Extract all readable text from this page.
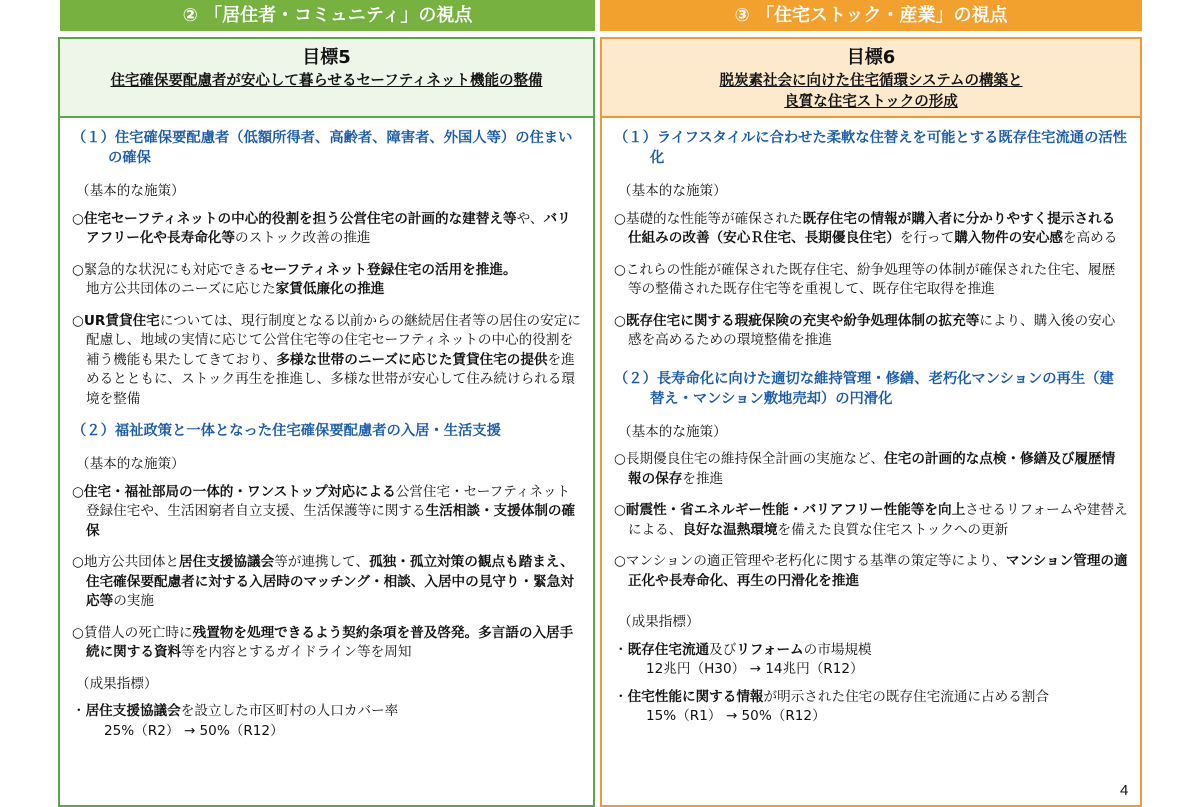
② 「居住者・コミュニティ」の視点	③ 「住宅ストック・産業」の視点
目標5
住宅確保要配慮者が安心して暮らせるセーフティネット機能の整備
（１）住宅確保要配慮者（低額所得者、高齢者、障害者、外国人等）の住まいの確保
（基本的な施策）
○住宅セーフティネットの中心的役割を担う公営住宅の計画的な建替え等や、バリアフリー化や長寿命化等のストック改善の推進
○緊急的な状況にも対応できるセーフティネット登録住宅の活用を推進。
地方公共団体のニーズに応じた家賃低廉化の推進
○UR賃貸住宅については、現行制度となる以前からの継続居住者等の居住の安定に配慮し、地域の実情に応じて公営住宅等の住宅セーフティネットの中心的役割を補う機能も果たしてきており、多様な世帯のニーズに応じた賃貸住宅の提供を進めるとともに、ストック再生を推進し、多様な世帯が安心して住み続けられる環境を整備
（２）福祉政策と一体となった住宅確保要配慮者の入居・生活支援
（基本的な施策）
○住宅・福祉部局の一体的・ワンストップ対応による公営住宅・セーフティネット登録住宅や、生活困窮者自立支援、生活保護等に関する生活相談・支援体制の確保
○地方公共団体と居住支援協議会等が連携して、孤独・孤立対策の観点も踏まえ、住宅確保要配慮者に対する入居時のマッチング・相談、入居中の見守り・緊急対応等の実施
○賃借人の死亡時に残置物を処理できるよう契約条項を普及啓発。多言語の入居手続に関する資料等を内容とするガイドライン等を周知
（成果指標）
・居住支援協議会を設立した市区町村の人口カバー率
25%（R2） → 50%（R12）
目標6
脱炭素社会に向けた住宅循環システムの構築と
良質な住宅ストックの形成
（１）ライフスタイルに合わせた柔軟な住替えを可能とする既存住宅流通の活性化
（基本的な施策）
○基礎的な性能等が確保された既存住宅の情報が購入者に分かりやすく提示される仕組みの改善（安心Ｒ住宅、長期優良住宅）を行って購入物件の安心感を高める
○これらの性能が確保された既存住宅、紛争処理等の体制が確保された住宅、履歴等の整備された既存住宅等を重視して、既存住宅取得を推進
○既存住宅に関する瑕疵保険の充実や紛争処理体制の拡充等により、購入後の安心感を高めるための環境整備を推進
（２）長寿命化に向けた適切な維持管理・修繕、老朽化マンションの再生（建替え・マンション敷地売却）の円滑化
（基本的な施策）
○長期優良住宅の維持保全計画の実施など、住宅の計画的な点検・修繕及び履歴情報の保存を推進
○耐震性・省エネルギー性能・バリアフリー性能等を向上させるリフォームや建替えによる、良好な温熱環境を備えた良質な住宅ストックへの更新
○マンションの適正管理や老朽化に関する基準の策定等により、マンション管理の適正化や長寿命化、再生の円滑化を推進
（成果指標）
・既存住宅流通及びリフォームの市場規模
12兆円（H30） → 14兆円（R12）
・住宅性能に関する情報が明示された住宅の既存住宅流通に占める割合
15%（R1） → 50%（R12）
4
